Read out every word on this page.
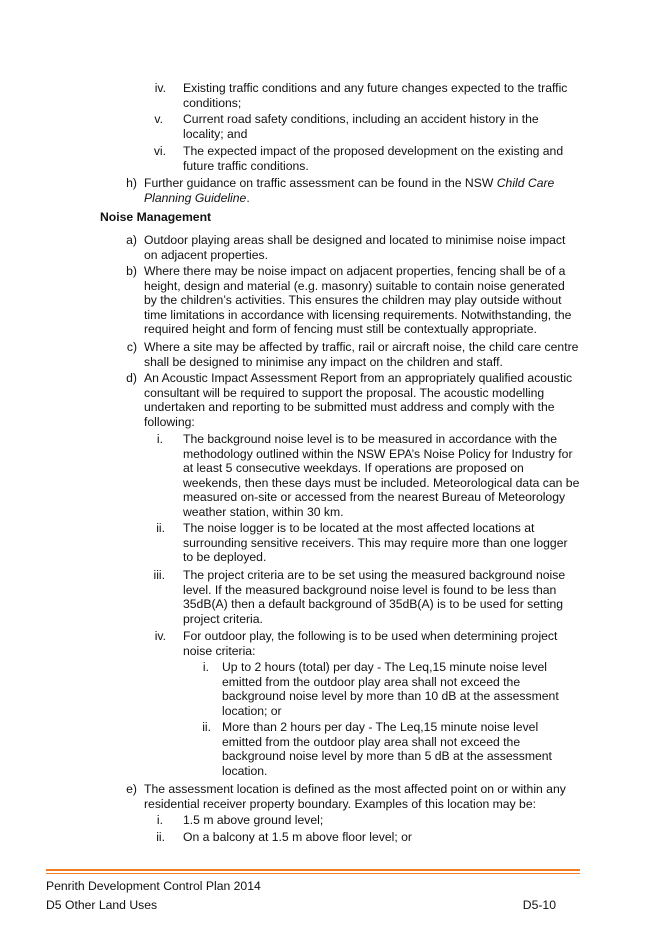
iv. Existing traffic conditions and any future changes expected to the traffic conditions;
v. Current road safety conditions, including an accident history in the locality; and
vi. The expected impact of the proposed development on the existing and future traffic conditions.
h) Further guidance on traffic assessment can be found in the NSW Child Care Planning Guideline.
Noise Management
a) Outdoor playing areas shall be designed and located to minimise noise impact on adjacent properties.
b) Where there may be noise impact on adjacent properties, fencing shall be of a height, design and material (e.g. masonry) suitable to contain noise generated by the children’s activities. This ensures the children may play outside without time limitations in accordance with licensing requirements. Notwithstanding, the required height and form of fencing must still be contextually appropriate.
c) Where a site may be affected by traffic, rail or aircraft noise, the child care centre shall be designed to minimise any impact on the children and staff.
d) An Acoustic Impact Assessment Report from an appropriately qualified acoustic consultant will be required to support the proposal. The acoustic modelling undertaken and reporting to be submitted must address and comply with the following:
i. The background noise level is to be measured in accordance with the methodology outlined within the NSW EPA’s Noise Policy for Industry for at least 5 consecutive weekdays. If operations are proposed on weekends, then these days must be included. Meteorological data can be measured on-site or accessed from the nearest Bureau of Meteorology weather station, within 30 km.
ii. The noise logger is to be located at the most affected locations at surrounding sensitive receivers. This may require more than one logger to be deployed.
iii. The project criteria are to be set using the measured background noise level. If the measured background noise level is found to be less than 35dB(A) then a default background of 35dB(A) is to be used for setting project criteria.
iv. For outdoor play, the following is to be used when determining project noise criteria:
i. Up to 2 hours (total) per day - The Leq,15 minute noise level emitted from the outdoor play area shall not exceed the background noise level by more than 10 dB at the assessment location; or
ii. More than 2 hours per day - The Leq,15 minute noise level emitted from the outdoor play area shall not exceed the background noise level by more than 5 dB at the assessment location.
e) The assessment location is defined as the most affected point on or within any residential receiver property boundary. Examples of this location may be:
i. 1.5 m above ground level;
ii. On a balcony at 1.5 m above floor level; or
Penrith Development Control Plan 2014
D5 Other Land Uses	D5-10
